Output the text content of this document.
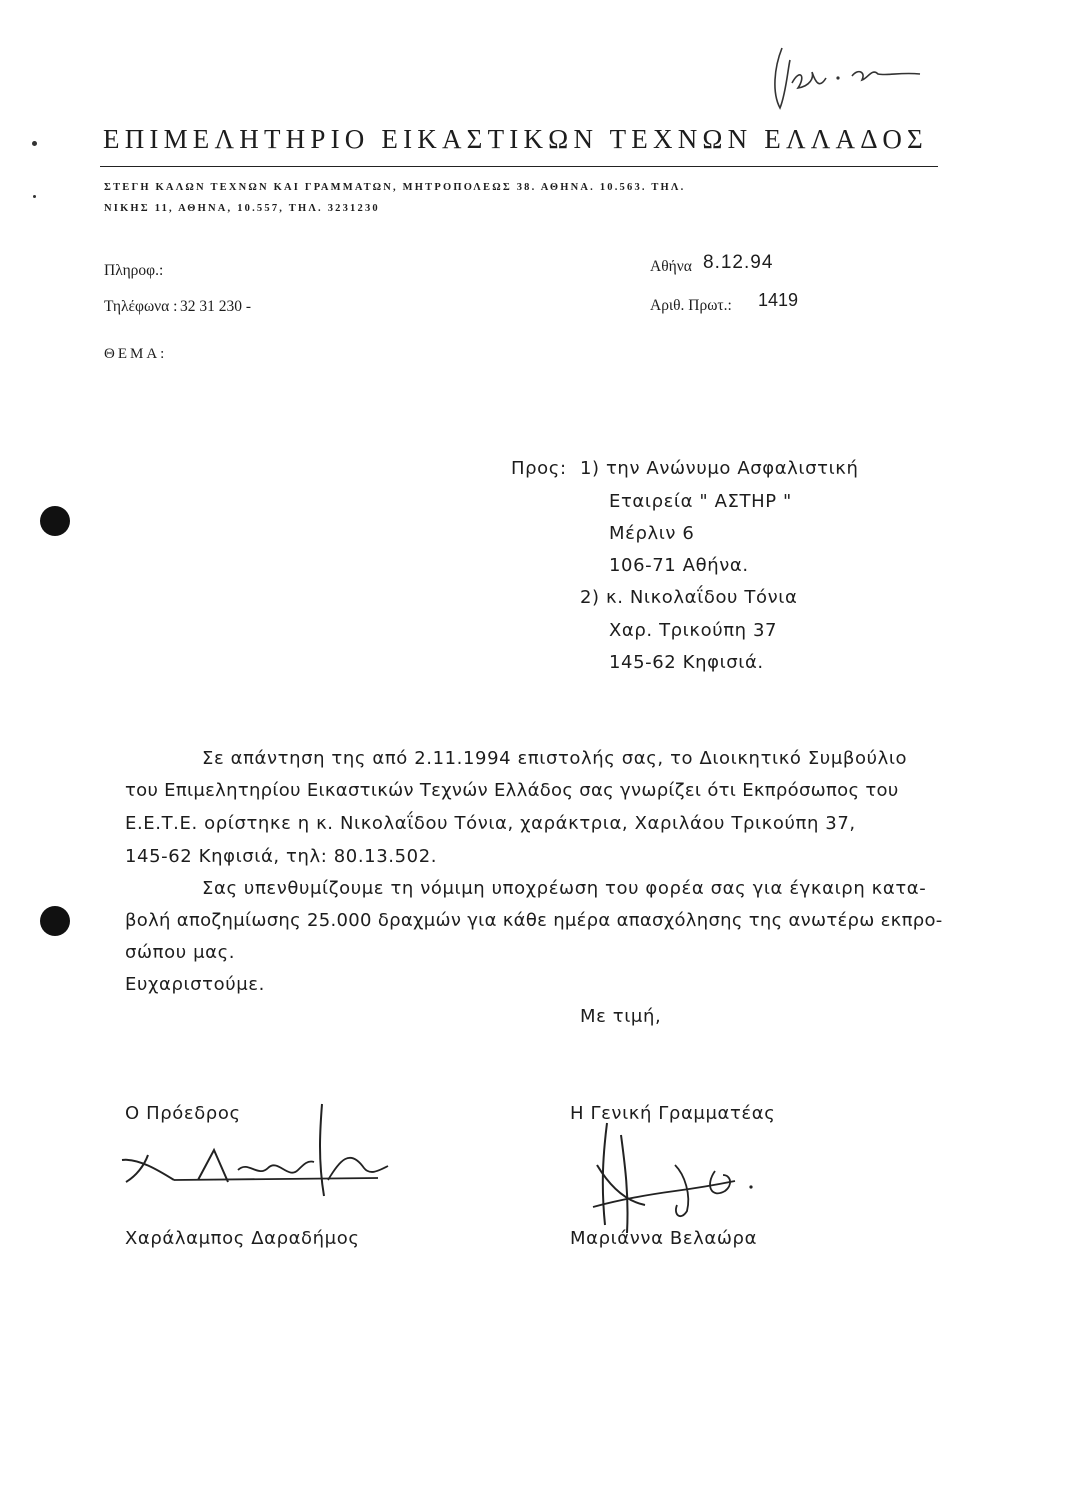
ΕΠΙΜΕΛΗΤΗΡΙΟ ΕΙΚΑΣΤΙΚΩΝ ΤΕΧΝΩΝ ΕΛΛΑΔΟΣ
ΣΤΕΓΗ ΚΑΛΩΝ ΤΕΧΝΩΝ ΚΑΙ ΓΡΑΜΜΑΤΩΝ, ΜΗΤΡΟΠΟΛΕΩΣ 38. ΑΘΗΝΑ. 10.563. ΤΗΛ.
ΝΙΚΗΣ 11, ΑΘΗΝΑ, 10.557, ΤΗΛ. 3231230
Πληροφ.:
Τηλέφωνα : 32 31 230 -
Αθήνα 8.12.94
Αριθ. Πρωτ.: 1419
ΘΕΜΑ:
Προς: 1) την Ανώνυμο Ασφαλιστική
Εταιρεία " ΑΣΤΗΡ "
Μέρλιν 6
106-71 Αθήνα.
2) κ. Νικολαΐδου Τόνια
Χαρ. Τρικούπη 37
145-62 Κηφισιά.
Σε απάντηση της από 2.11.1994 επιστολής σας, το Διοικητικό Συμβούλιο
του Επιμελητηρίου Εικαστικών Τεχνών Ελλάδος σας γνωρίζει ότι Εκπρόσωπος του
Ε.Ε.Τ.Ε. ορίστηκε η κ. Νικολαΐδου Τόνια, χαράκτρια, Χαριλάου Τρικούπη 37,
145-62 Κηφισιά, τηλ: 80.13.502.
Σας υπενθυμίζουμε τη νόμιμη υποχρέωση του φορέα σας για έγκαιρη κατα-
βολή αποζημίωσης 25.000 δραχμών για κάθε ημέρα απασχόλησης της ανωτέρω εκπρο-
σώπου μας.
Ευχαριστούμε.
Με τιμή,
Ο Πρόεδρος	Η Γενική Γραμματέας
Χαράλαμπος Δαραδήμος	Μαριάννα Βελαώρα
